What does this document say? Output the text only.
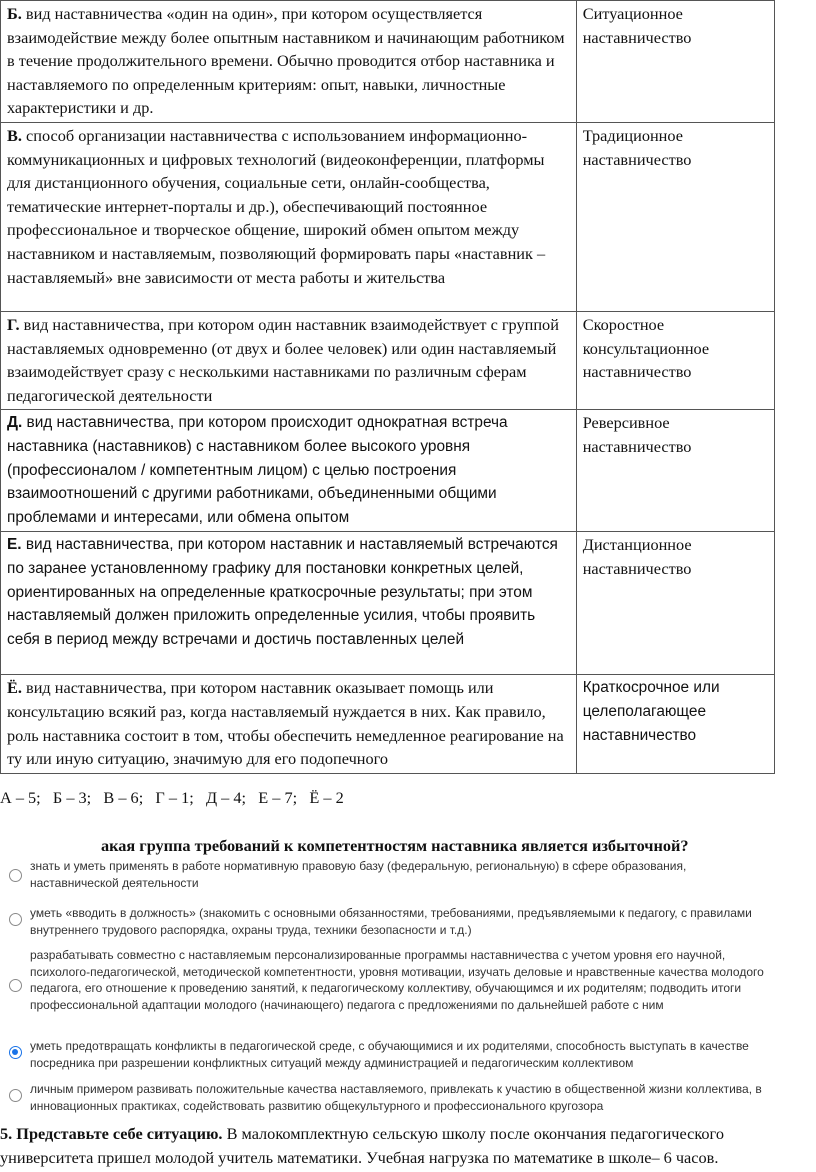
Б. вид наставничества «один на один», при котором осуществляется взаимодействие между более опытным наставником и начинающим работником в течение продолжительного времени. Обычно проводится отбор наставника и наставляемого по определенным критериям: опыт, навыки, личностные характеристики и др.	Ситуационное наставничество
В. способ организации наставничества с использованием информационно-коммуникационных и цифровых технологий (видеоконференции, платформы для дистанционного обучения, социальные сети, онлайн-сообщества, тематические интернет-порталы и др.), обеспечивающий постоянное профессиональное и творческое общение, широкий обмен опытом между наставником и наставляемым, позволяющий формировать пары «наставник – наставляемый» вне зависимости от места работы и жительства	Традиционное наставничество
Г. вид наставничества, при котором один наставник взаимодействует с группой наставляемых одновременно (от двух и более человек) или один наставляемый взаимодействует сразу с несколькими наставниками по различным сферам педагогической деятельности	Скоростное консультационное наставничество
Д. вид наставничества, при котором происходит однократная встреча наставника (наставников) с наставником более высокого уровня (профессионалом / компетентным лицом) с целью построения взаимоотношений с другими работниками, объединенными общими проблемами и интересами, или обмена опытом	Реверсивное наставничество
Е. вид наставничества, при котором наставник и наставляемый встречаются по заранее установленному графику для постановки конкретных целей, ориентированных на определенные краткосрочные результаты; при этом наставляемый должен приложить определенные усилия, чтобы проявить себя в период между встречами и достичь поставленных целей	Дистанционное наставничество
Ё. вид наставничества, при котором наставник оказывает помощь или консультацию всякий раз, когда наставляемый нуждается в них. Как правило, роль наставника состоит в том, чтобы обеспечить немедленное реагирование на ту или иную ситуацию, значимую для его подопечного	Краткосрочное или целеполагающее наставничество
А – 5;   Б – 3;   В – 6;   Г – 1;   Д – 4;   Е – 7;   Ё – 2
акая группа требований к компетентностям наставника является избыточной?
знать и уметь применять в работе нормативную правовую базу (федеральную, региональную) в сфере образования, наставнической деятельности
уметь «вводить в должность» (знакомить с основными обязанностями, требованиями, предъявляемыми к педагогу, с правилами внутреннего трудового распорядка, охраны труда, техники безопасности и т.д.)
разрабатывать совместно с наставляемым персонализированные программы наставничества с учетом уровня его научной, психолого-педагогической, методической компетентности, уровня мотивации, изучать деловые и нравственные качества молодого педагога, его отношение к проведению занятий, к педагогическому коллективу, обучающимся и их родителям; подводить итоги профессиональной адаптации молодого (начинающего) педагога с предложениями по дальнейшей работе с ним
уметь предотвращать конфликты в педагогической среде, с обучающимися и их родителями, способность выступать в качестве посредника при разрешении конфликтных ситуаций между администрацией и педагогическим коллективом
личным примером развивать положительные качества наставляемого, привлекать к участию в общественной жизни коллектива, в инновационных практиках, содействовать развитию общекультурного и профессионального кругозора
5. Представьте себе ситуацию. В малокомплектную сельскую школу после окончания педагогического университета пришел молодой учитель математики. Учебная нагрузка по математике в школе– 6 часов.
